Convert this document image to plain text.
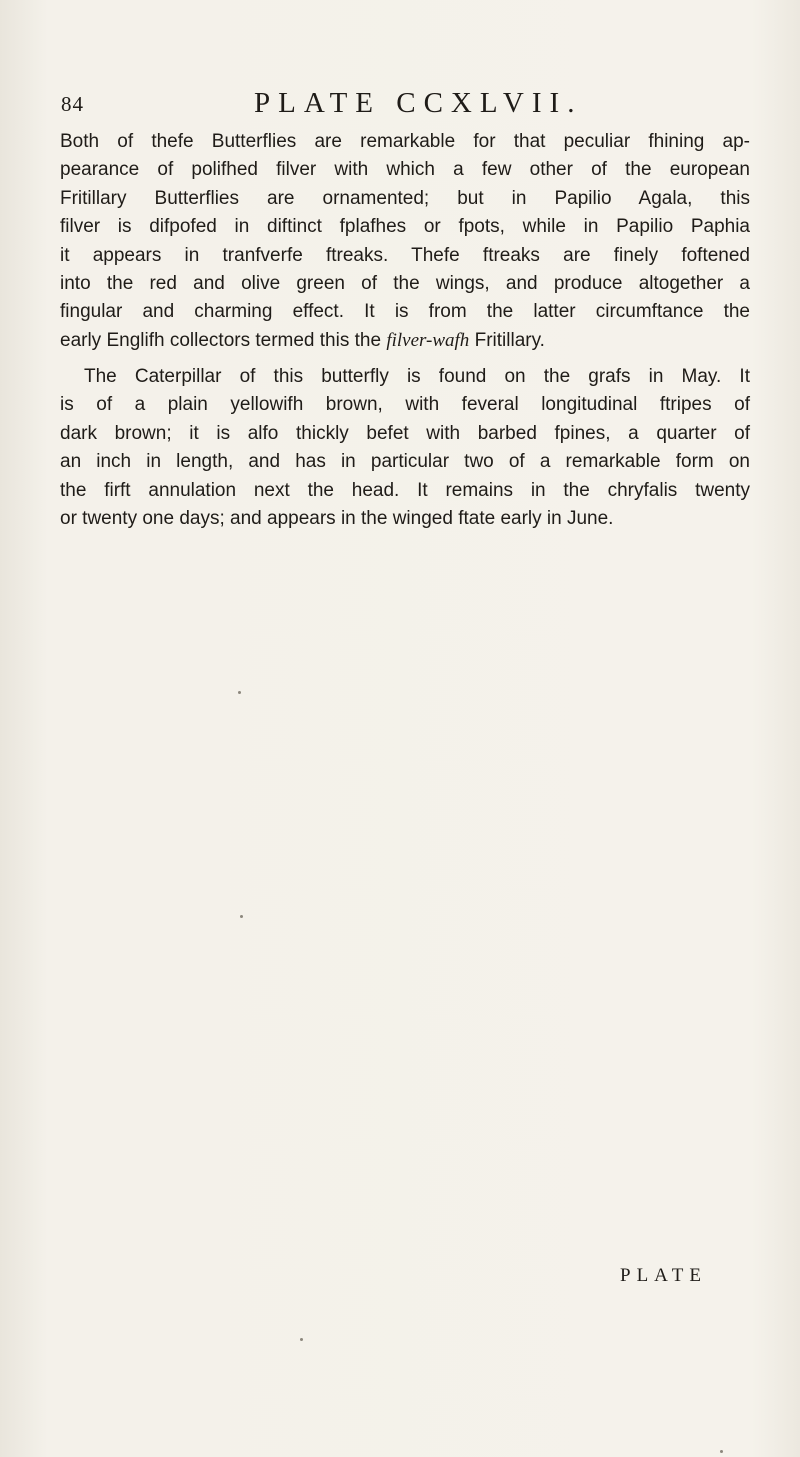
84	PLATE CCXLVII.
Both of thefe Butterflies are remarkable for that peculiar fhining ap-
pearance of polifhed filver with which a few other of the european
Fritillary Butterflies are ornamented; but in Papilio Agala, this
filver is difpofed in diftinct fplafhes or fpots, while in Papilio Paphia
it appears in tranfverfe ftreaks. Thefe ftreaks are finely foftened
into the red and olive green of the wings, and produce altogether a
fingular and charming effect. It is from the latter circumftance the
early Englifh collectors termed this the filver-wafh Fritillary.
The Caterpillar of this butterfly is found on the grafs in May. It
is of a plain yellowifh brown, with feveral longitudinal ftripes of
dark brown; it is alfo thickly befet with barbed fpines, a quarter of
an inch in length, and has in particular two of a remarkable form on
the firft annulation next the head. It remains in the chryfalis twenty
or twenty one days; and appears in the winged ftate early in June.
PLATE
